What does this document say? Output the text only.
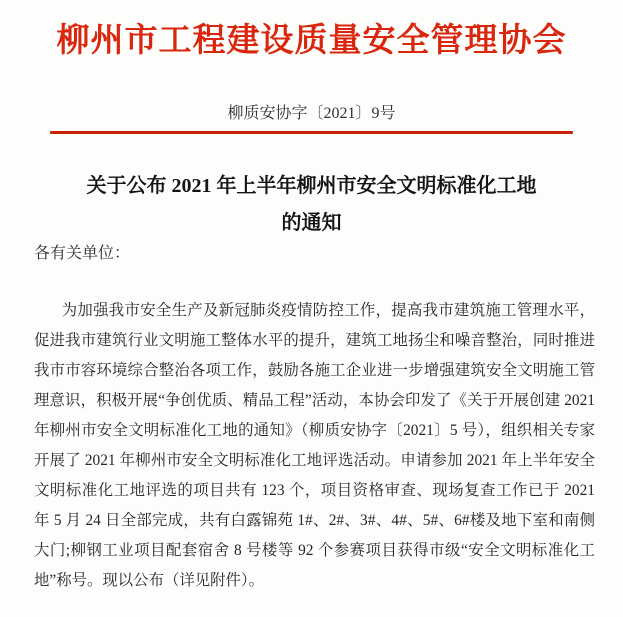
柳州市工程建设质量安全管理协会
柳质安协字〔2021〕9号
关于公布 2021 年上半年柳州市安全文明标准化工地
的通知
各有关单位：

为加强我市安全生产及新冠肺炎疫情防控工作，提高我市建筑施工管理水平，促进我市建筑行业文明施工整体水平的提升，建筑工地扬尘和噪音整治，同时推进我市市容环境综合整治各项工作，鼓励各施工企业进一步增强建筑安全文明施工管理意识，积极开展“争创优质、精品工程”活动，本协会印发了《关于开展创建 2021 年柳州市安全文明标准化工地的通知》（柳质安协字〔2021〕5 号），组织相关专家开展了 2021 年柳州市安全文明标准化工地评选活动。申请参加 2021 年上半年安全文明标准化工地评选的项目共有 123 个，项目资格审查、现场复查工作已于 2021 年 5 月 24 日全部完成，共有白露锦苑 1#、2#、3#、4#、5#、6#楼及地下室和南侧大门;柳钢工业项目配套宿舍 8 号楼等 92 个参赛项目获得市级“安全文明标准化工地”称号。现以公布（详见附件）。
